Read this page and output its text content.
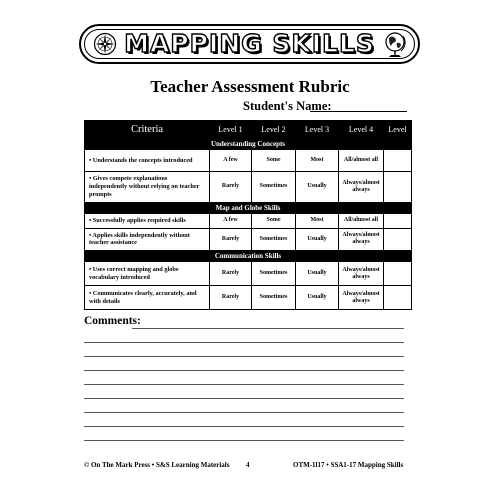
MAPPING SKILLS
Teacher Assessment Rubric
Student's Name:
Criteria	Level 1	Level 2	Level 3	Level 4	Level
Understanding Concepts					
• Understands the concepts introduced	A few	Some	Most	All/almost all	
• Gives compete explanations independently without relying on teacher prompts	Rarely	Sometimes	Usually	Always/almost always	
Map and Globe Skills					
• Successfully applies required skills	A few	Some	Most	All/almost all	
• Applies skills independently without teacher assistance	Rarely	Sometimes	Usually	Always/almost always	
Communication Skills					
• Uses correct mapping and globe vocabulary introduced	Rarely	Sometimes	Usually	Always/almost always	
• Communicates clearly, accurately, and with details	Rarely	Sometimes	Usually	Always/almost always	
Comments:
© On The Mark Press • S&S Learning Materials 4	OTM-1l17 • SSA1-17 Mapping Skills
